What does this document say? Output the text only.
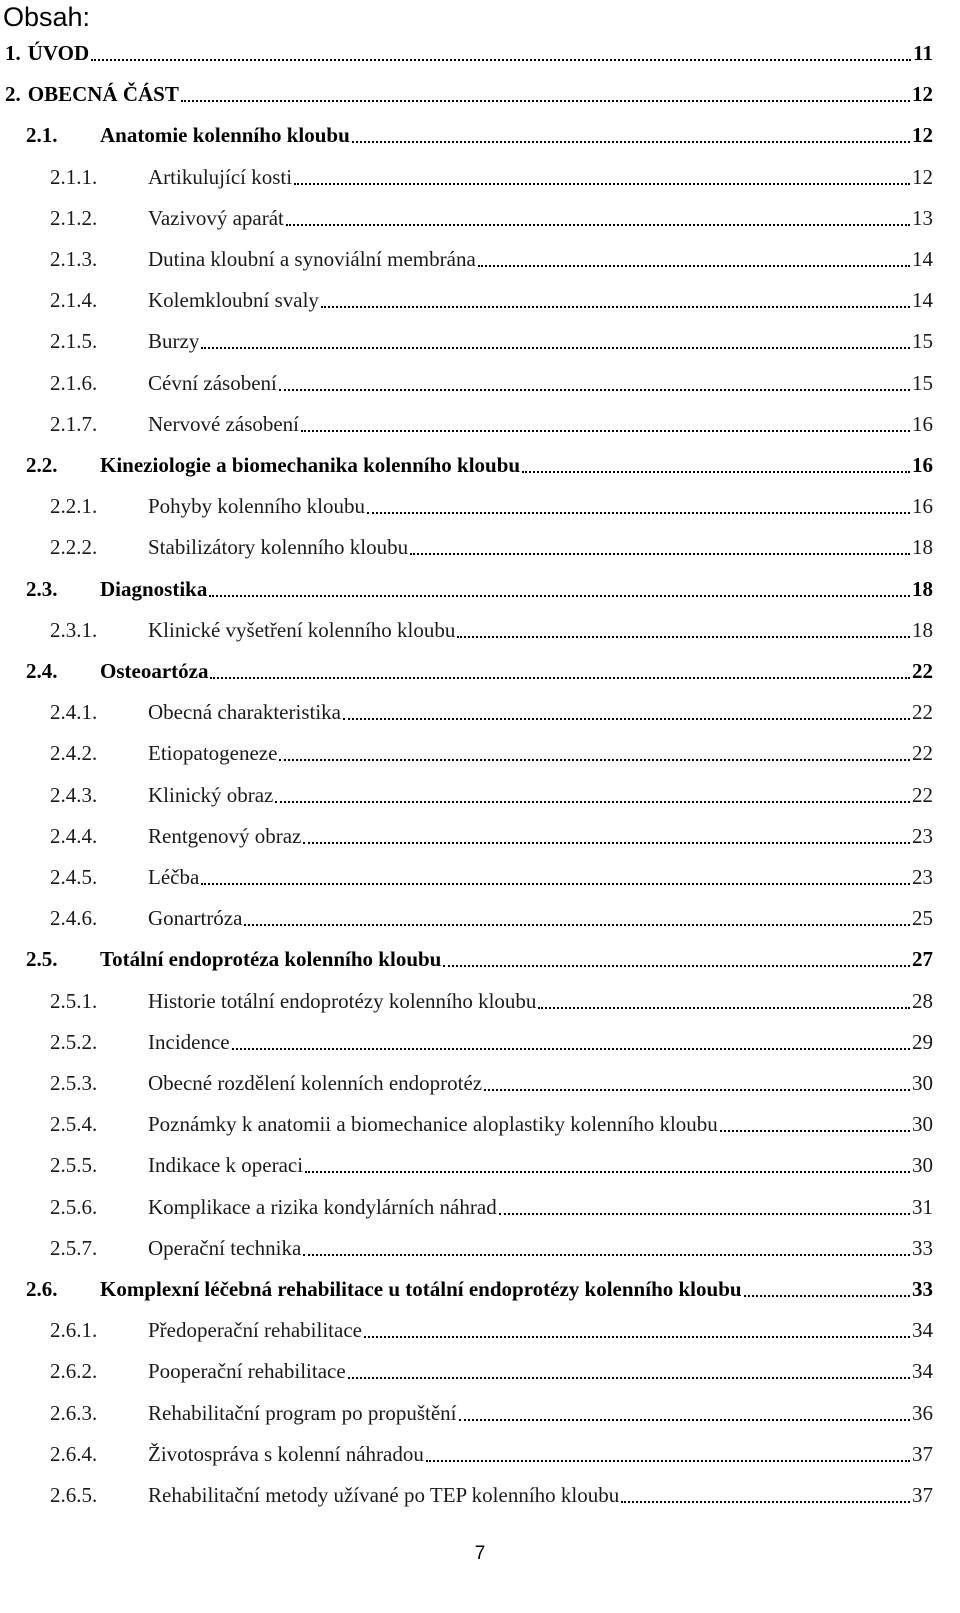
Obsah:
1. ÚVOD	11
2. OBECNÁ ČÁST	12
2.1.	Anatomie kolenního kloubu	12
2.1.1.	Artikulující kosti	12
2.1.2.	Vazivový aparát	13
2.1.3.	Dutina kloubní a synoviální membrána	14
2.1.4.	Kolemkloubní svaly	14
2.1.5.	Burzy	15
2.1.6.	Cévní zásobení	15
2.1.7.	Nervové zásobení	16
2.2.	Kineziologie a biomechanika kolenního kloubu	16
2.2.1.	Pohyby kolenního kloubu	16
2.2.2.	Stabilizátory kolenního kloubu	18
2.3.	Diagnostika	18
2.3.1.	Klinické vyšetření kolenního kloubu	18
2.4.	Osteoartóza	22
2.4.1.	Obecná charakteristika	22
2.4.2.	Etiopatogeneze	22
2.4.3.	Klinický obraz	22
2.4.4.	Rentgenový obraz	23
2.4.5.	Léčba	23
2.4.6.	Gonartróza	25
2.5.	Totální endoprotéza kolenního kloubu	27
2.5.1.	Historie totální endoprotézy kolenního kloubu	28
2.5.2.	Incidence	29
2.5.3.	Obecné rozdělení kolenních endoprotéz	30
2.5.4.	Poznámky k anatomii a biomechanice aloplastiky kolenního kloubu	30
2.5.5.	Indikace k operaci	30
2.5.6.	Komplikace a rizika kondylárních náhrad	31
2.5.7.	Operační technika	33
2.6.	Komplexní léčebná rehabilitace u totální endoprotézy kolenního kloubu	33
2.6.1.	Předoperační rehabilitace	34
2.6.2.	Pooperační rehabilitace	34
2.6.3.	Rehabilitační program po propuštění	36
2.6.4.	Životospráva s kolenní náhradou	37
2.6.5.	Rehabilitační metody užívané po TEP kolenního kloubu	37
7
